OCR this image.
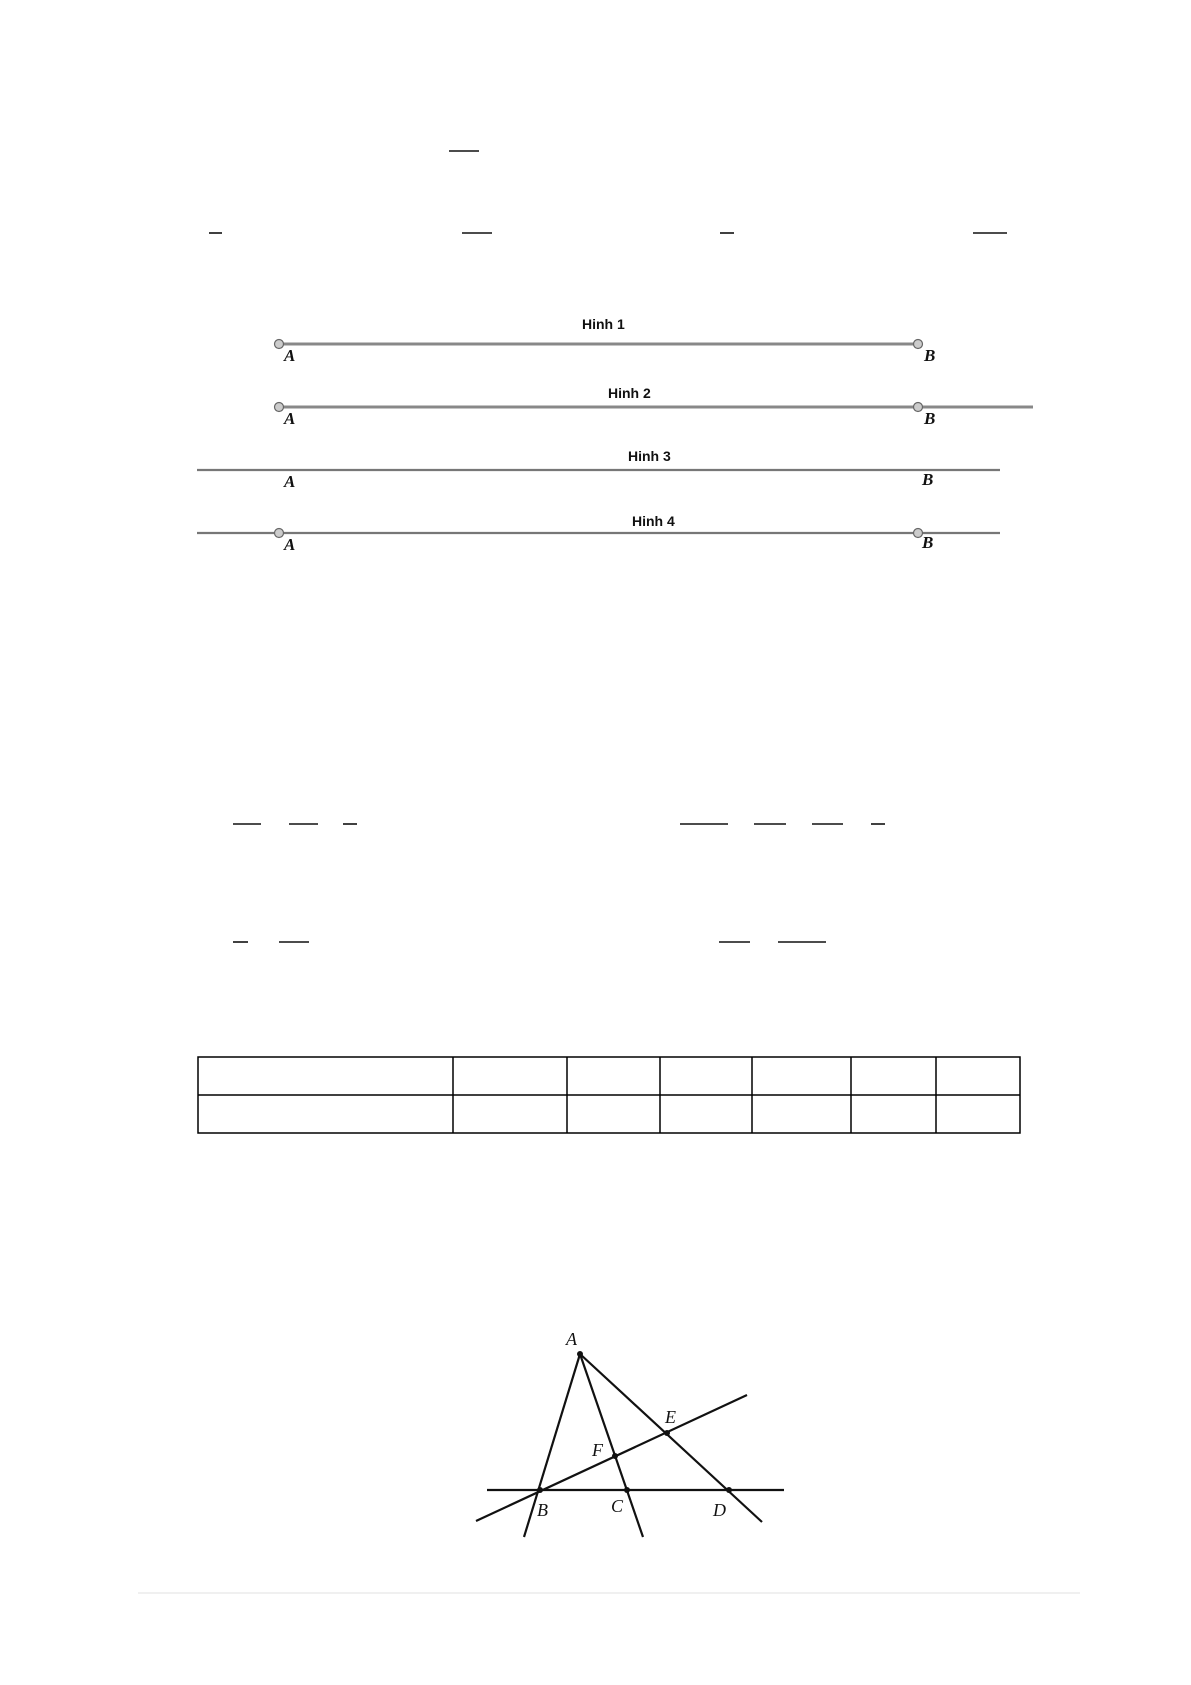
Hinh 1
A	B
Hinh 2
A	B
Hinh 3
A	B
Hinh 4
A	B
A
E
F
B	C	D
